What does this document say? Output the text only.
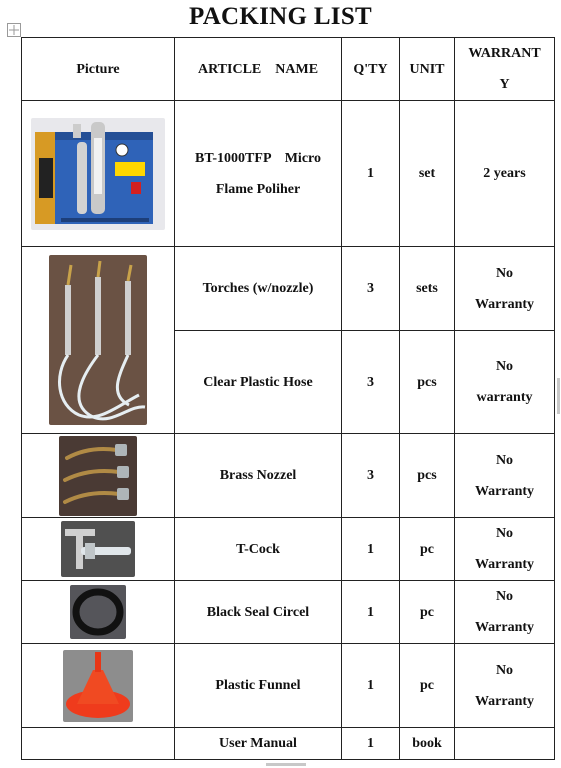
PACKING LIST
Picture	ARTICLE    NAME	Q'TY	UNIT	WARRANT
Y

BT-1000TFP    Micro
Flame Poliher	1	set	2 years

Torches (w/nozzle)	3	sets	No
Warranty

	Clear Plastic Hose	3	pcs	No
warranty

Brass Nozzel	3	pcs	No
Warranty

T-Cock	1	pc	No
Warranty

Black Seal Circel	1	pc	No
Warranty

Plastic Funnel	1	pc	No
Warranty

	User Manual	1	book	
